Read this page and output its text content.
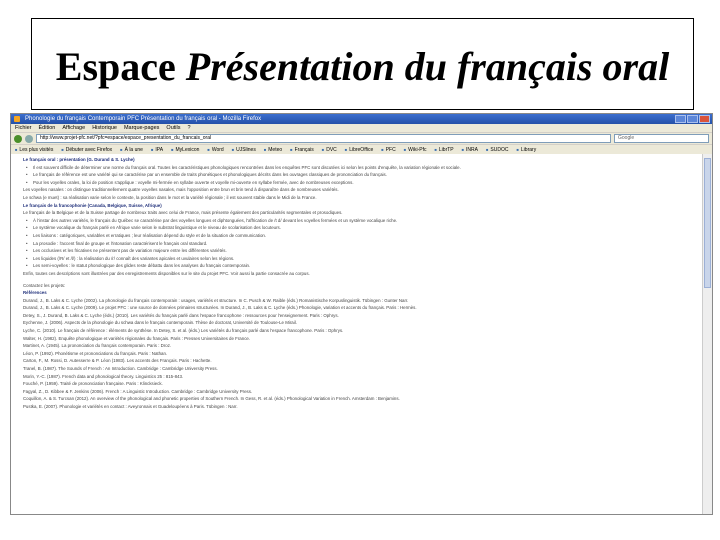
Espace Présentation du français oral
Phonologie du français Contemporain PFC Présentation du français oral - Mozilla Firefox
Fichier Édition Affichage Historique Marque-pages Outils ?
http://www.projet-pfc.net/?pfc=espace/espace_presentation_du_francais_oral	Google
■ Les plus visités ■ Débuter avec Firefox ■ À la une ■ IPA ■ MyLexicon ■ Word ■ UJSlines ■ Meteo ■ Français ■ DVC ■ LibreOffice ■ PFC ■ Wiki-Pfc ■ LibrTP ■ INRA ■ SUDOC ■ Library
Le français oral : présentation (G. Durand & S. Lyche)
• Il est souvent difficile de déterminer une norme du français oral. Toutes les caractéristiques phonologiques rencontrées dans les enquêtes PFC sont discutées ici selon les points d'enquête, la variation régionale et sociale.
• Le français de référence est une variété qui se caractérise par un ensemble de traits phonétiques et phonologiques décrits dans les ouvrages classiques de prononciation du français.
• Pour les voyelles orales, la loi de position s'applique : voyelle mi-fermée en syllabe ouverte et voyelle mi-ouverte en syllabe fermée, avec de nombreuses exceptions.
Les voyelles nasales : on distingue traditionnellement quatre voyelles nasales, mais l'opposition entre brun et brin tend à disparaître dans de nombreuses variétés.
Le schwa (e muet) : sa réalisation varie selon le contexte, la position dans le mot et la variété régionale ; il est souvent stable dans le Midi de la France.
Le français de la francophonie (Canada, Belgique, Suisse, Afrique)
Le français de la Belgique et de la Suisse partage de nombreux traits avec celui de France, mais présente également des particularités segmentales et prosodiques.
• À l'instar des autres variétés, le français du Québec se caractérise par des voyelles longues et diphtonguées, l'affrication de /t d/ devant les voyelles fermées et un système vocalique riche.
• Le système vocalique du français parlé en Afrique varie selon le substrat linguistique et le niveau de scolarisation des locuteurs.
• Les liaisons : catégoriques, variables et erratiques ; leur réalisation dépend du style et de la situation de communication.
• La prosodie : l'accent final de groupe et l'intonation caractérisent le français oral standard.
• Les occlusives et les fricatives ne présentent pas de variation majeure entre les différentes variétés.
• Les liquides (/R/ et /l/) : la réalisation du /r/ connaît des variantes apicales et uvulaires selon les régions.
• Les semi-voyelles : le statut phonologique des glides reste débattu dans les analyses du français contemporain.
Enfin, toutes ces descriptions sont illustrées par des enregistrements disponibles sur le site du projet PFC. Voir aussi la partie consacrée au corpus.
Contactez les projets:
Références
Durand, J., B. Laks & C. Lyche (2002). La phonologie du français contemporain : usages, variétés et structure. In C. Pusch & W. Raible (éds.) Romanistische Korpuslinguistik. Tübingen : Gunter Narr.
Durand, J., B. Laks & C. Lyche (2009). Le projet PFC : une source de données primaires structurées. In Durand, J., B. Laks & C. Lyche (éds.) Phonologie, variation et accents du français. Paris : Hermès.
Detey, S., J. Durand, B. Laks & C. Lyche (éds.) (2010). Les variétés du français parlé dans l'espace francophone : ressources pour l'enseignement. Paris : Ophrys.
Eychenne, J. (2006). Aspects de la phonologie du schwa dans le français contemporain. Thèse de doctorat, Université de Toulouse-Le Mirail.
Lyche, C. (2010). Le français de référence : éléments de synthèse. In Detey, S. et al. (éds.) Les variétés du français parlé dans l'espace francophone. Paris : Ophrys.
Walter, H. (1982). Enquête phonologique et variétés régionales du français. Paris : Presses Universitaires de France.
Martinet, A. (1945). La prononciation du français contemporain. Paris : Droz.
Léon, P. (1992). Phonétisme et prononciations du français. Paris : Nathan.
Carton, F., M. Rossi, D. Autesserre & P. Léon (1983). Les accents des Français. Paris : Hachette.
Tranel, B. (1987). The Sounds of French : An Introduction. Cambridge : Cambridge University Press.
Morin, Y.-C. (1987). French data and phonological theory. Linguistics 25 : 815-843.
Fouché, P. (1959). Traité de prononciation française. Paris : Klincksieck.
Fagyal, Z., D. Kibbee & F. Jenkins (2006). French : A Linguistic Introduction. Cambridge : Cambridge University Press.
Coquillon, A. & S. Turcsan (2012). An overview of the phonological and phonetic properties of Southern French. In Gess, R. et al. (éds.) Phonological Variation in French. Amsterdam : Benjamins.
Pustka, E. (2007). Phonologie et variétés en contact : Aveyronnais et Guadeloupéens à Paris. Tübingen : Narr.
